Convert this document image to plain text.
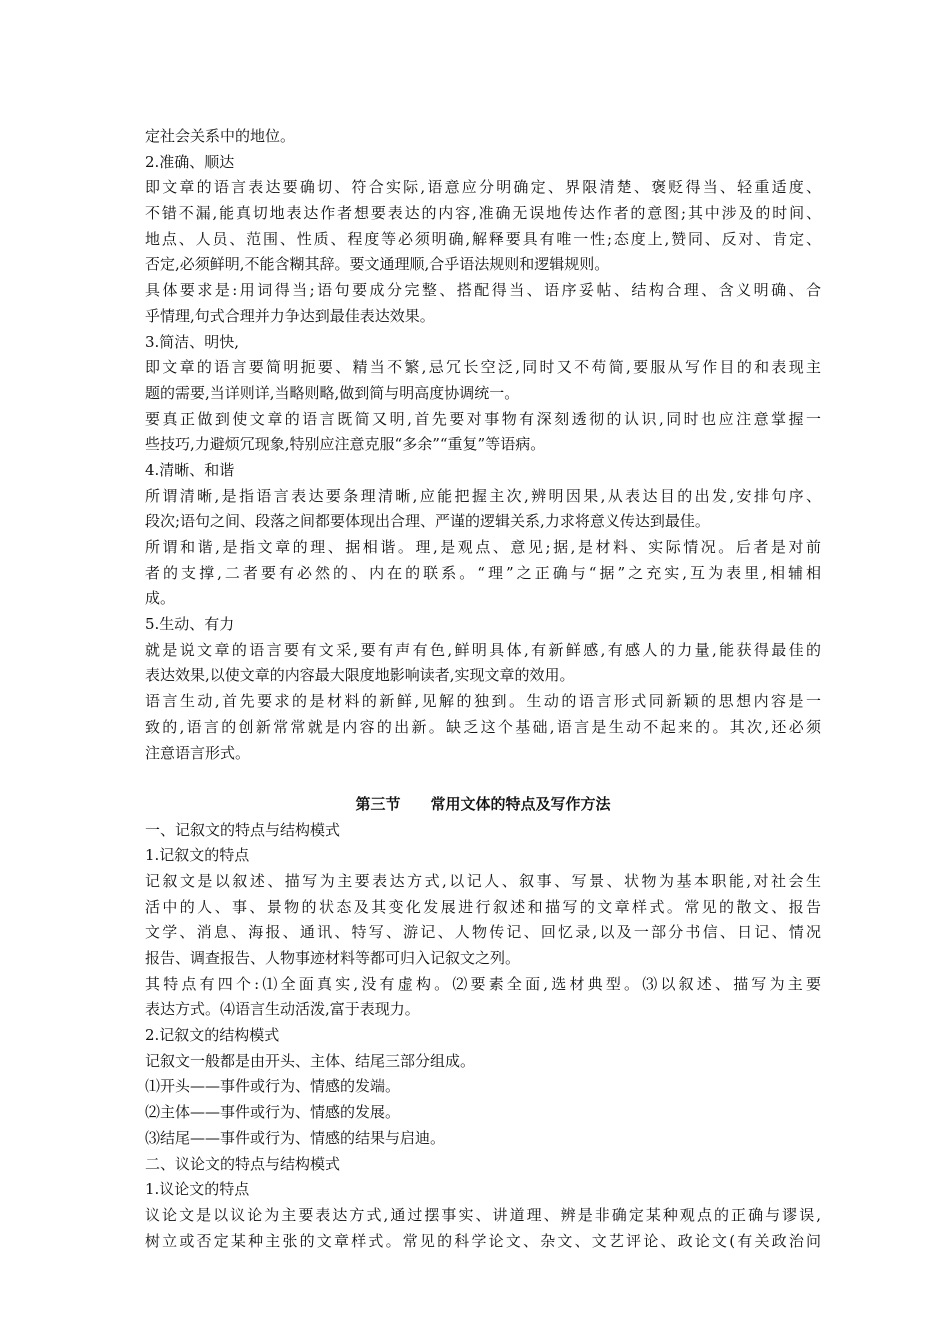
定社会关系中的地位。
2.准确、顺达
即文章的语言表达要确切、符合实际,语意应分明确定、界限清楚、褒贬得当、轻重适度、
不错不漏,能真切地表达作者想要表达的内容,准确无误地传达作者的意图;其中涉及的时间、
地点、人员、范围、性质、程度等必须明确,解释要具有唯一性;态度上,赞同、反对、肯定、
否定,必须鲜明,不能含糊其辞。要文通理顺,合乎语法规则和逻辑规则。
具体要求是:用词得当;语句要成分完整、搭配得当、语序妥帖、结构合理、含义明确、合
乎情理,句式合理并力争达到最佳表达效果。
3.简洁、明快,
即文章的语言要简明扼要、精当不繁,忌冗长空泛,同时又不苟简,要服从写作目的和表现主
题的需要,当详则详,当略则略,做到简与明高度协调统一。
要真正做到使文章的语言既简又明,首先要对事物有深刻透彻的认识,同时也应注意掌握一
些技巧,力避烦冗现象,特别应注意克服“多余”“重复”等语病。
4.清晰、和谐
所谓清晰,是指语言表达要条理清晰,应能把握主次,辨明因果,从表达目的出发,安排句序、
段次;语句之间、段落之间都要体现出合理、严谨的逻辑关系,力求将意义传达到最佳。
所谓和谐,是指文章的理、据相谐。理,是观点、意见;据,是材料、实际情况。后者是对前
者的支撑,二者要有必然的、内在的联系。“理”之正确与“据”之充实,互为表里,相辅相
成。
5.生动、有力
就是说文章的语言要有文采,要有声有色,鲜明具体,有新鲜感,有感人的力量,能获得最佳的
表达效果,以使文章的内容最大限度地影响读者,实现文章的效用。
语言生动,首先要求的是材料的新鲜,见解的独到。生动的语言形式同新颖的思想内容是一
致的,语言的创新常常就是内容的出新。缺乏这个基础,语言是生动不起来的。其次,还必须
注意语言形式。
第三节　　常用文体的特点及写作方法
一、记叙文的特点与结构模式
1.记叙文的特点
记叙文是以叙述、描写为主要表达方式,以记人、叙事、写景、状物为基本职能,对社会生
活中的人、事、景物的状态及其变化发展进行叙述和描写的文章样式。常见的散文、报告
文学、消息、海报、通讯、特写、游记、人物传记、回忆录,以及一部分书信、日记、情况
报告、调查报告、人物事迹材料等都可归入记叙文之列。
其特点有四个:⑴全面真实,没有虚构。⑵要素全面,选材典型。⑶以叙述、描写为主要
表达方式。⑷语言生动活泼,富于表现力。
2.记叙文的结构模式
记叙文一般都是由开头、主体、结尾三部分组成。
⑴开头——事件或行为、情感的发端。
⑵主体——事件或行为、情感的发展。
⑶结尾——事件或行为、情感的结果与启迪。
二、议论文的特点与结构模式
1.议论文的特点
议论文是以议论为主要表达方式,通过摆事实、讲道理、辨是非确定某种观点的正确与谬误,
树立或否定某种主张的文章样式。常见的科学论文、杂文、文艺评论、政论文(有关政治问
